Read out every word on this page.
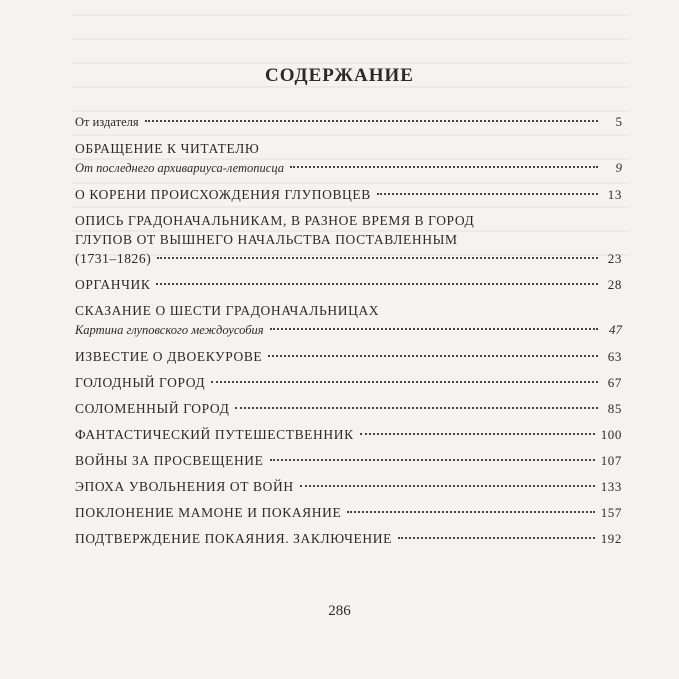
СОДЕРЖАНИЕ
От издателя	5
ОБРАЩЕНИЕ К ЧИТАТЕЛЮ
От последнего архивариуса-летописца	9
О КОРЕНИ ПРОИСХОЖДЕНИЯ ГЛУПОВЦЕВ	13
ОПИСЬ ГРАДОНАЧАЛЬНИКАМ, В РАЗНОЕ ВРЕМЯ В ГОРОД
ГЛУПОВ ОТ ВЫШНЕГО НАЧАЛЬСТВА ПОСТАВЛЕННЫМ
(1731–1826)	23
ОРГАНЧИК	28
СКАЗАНИЕ О ШЕСТИ ГРАДОНАЧАЛЬНИЦАХ
Картина глуповского междоусобия	47
ИЗВЕСТИЕ О ДВОЕКУРОВЕ	63
ГОЛОДНЫЙ ГОРОД	67
СОЛОМЕННЫЙ ГОРОД	85
ФАНТАСТИЧЕСКИЙ ПУТЕШЕСТВЕННИК	100
ВОЙНЫ ЗА ПРОСВЕЩЕНИЕ	107
ЭПОХА УВОЛЬНЕНИЯ ОТ ВОЙН	133
ПОКЛОНЕНИЕ МАМОНЕ И ПОКАЯНИЕ	157
ПОДТВЕРЖДЕНИЕ ПОКАЯНИЯ. ЗАКЛЮЧЕНИЕ	192
286
